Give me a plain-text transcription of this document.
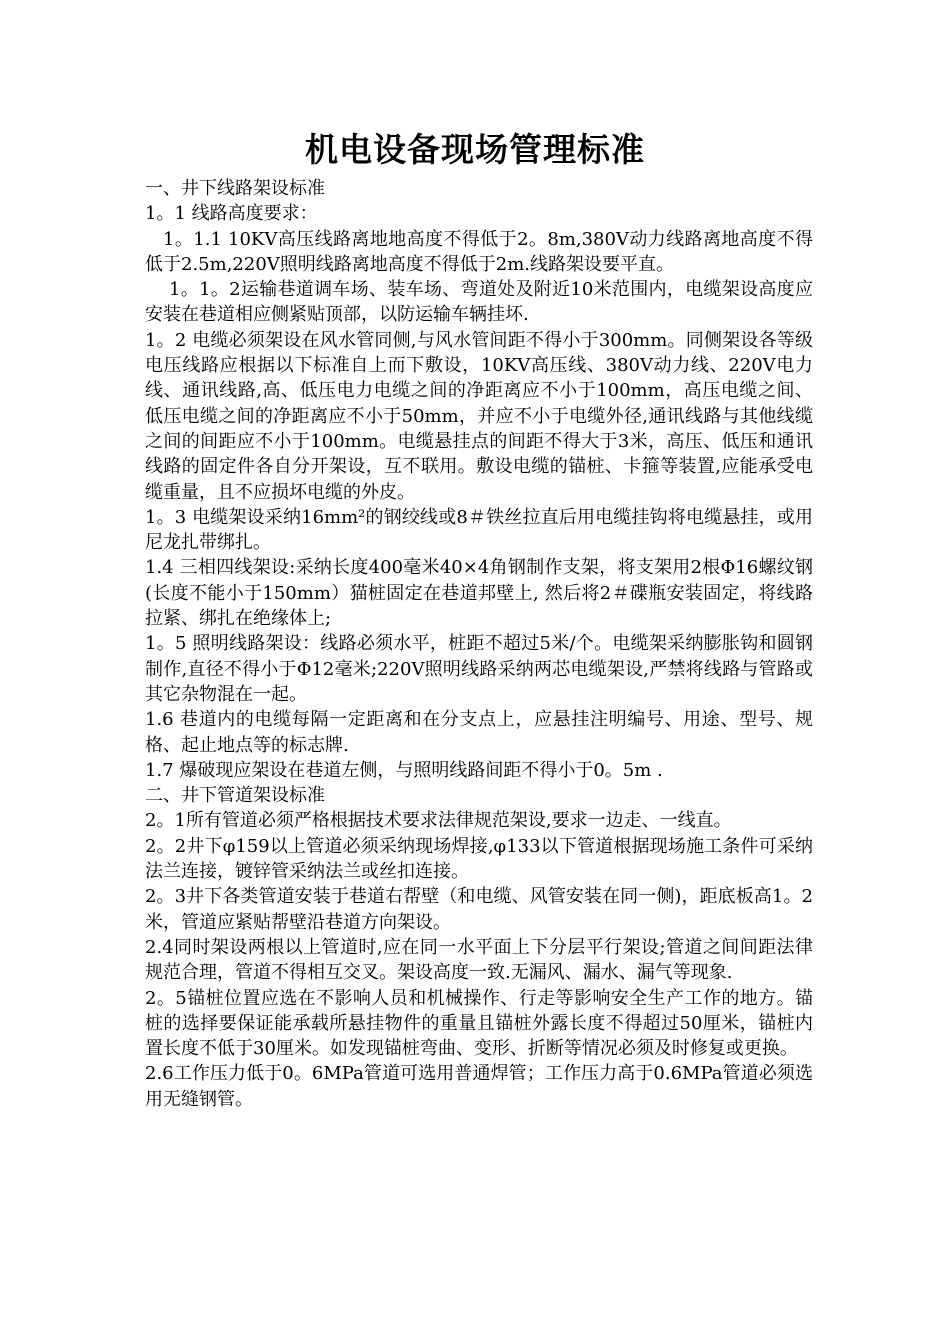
机电设备现场管理标准

一、井下线路架设标准

1。1 线路高度要求：

1。1.1 10KV高压线路离地地高度不得低于2。8m,380V动力线路离地高度不得低于2.5m,220V照明线路离地高度不得低于2m.线路架设要平直。

1。1。2运输巷道调车场、装车场、弯道处及附近10米范围内，电缆架设高度应安装在巷道相应侧紧贴顶部，以防运输车辆挂坏.

1。2 电缆必须架设在风水管同侧,与风水管间距不得小于300mm。同侧架设各等级电压线路应根据以下标准自上而下敷设，10KV高压线、380V动力线、220V电力线、通讯线路,高、低压电力电缆之间的净距离应不小于100mm，高压电缆之间、低压电缆之间的净距离应不小于50mm，并应不小于电缆外径,通讯线路与其他线缆之间的间距应不小于100mm。电缆悬挂点的间距不得大于3米，高压、低压和通讯线路的固定件各自分开架设，互不联用。敷设电缆的锚桩、卡箍等装置,应能承受电缆重量，且不应损坏电缆的外皮。

1。3 电缆架设采纳16mm²的钢绞线或8＃铁丝拉直后用电缆挂钩将电缆悬挂，或用尼龙扎带绑扎。

1.4 三相四线架设:采纳长度400毫米40×4角钢制作支架，将支架用2根Φ16螺纹钢(长度不能小于150mm）猫桩固定在巷道邦壁上, 然后将2＃碟瓶安装固定，将线路拉紧、绑扎在绝缘体上;

1。5 照明线路架设：线路必须水平，桩距不超过5米/个。电缆架采纳膨胀钩和圆钢制作,直径不得小于Φ12毫米;220V照明线路采纳两芯电缆架设,严禁将线路与管路或其它杂物混在一起。

1.6 巷道内的电缆每隔一定距离和在分支点上，应悬挂注明编号、用途、型号、规格、起止地点等的标志牌.

1.7 爆破现应架设在巷道左侧，与照明线路间距不得小于0。5m .

二、井下管道架设标准

2。1所有管道必须严格根据技术要求法律规范架设,要求一边走、一线直。

2。2井下φ159以上管道必须采纳现场焊接,φ133以下管道根据现场施工条件可采纳法兰连接，镀锌管采纳法兰或丝扣连接。

2。3井下各类管道安装于巷道右帮壁（和电缆、风管安装在同一侧)，距底板高1。2米，管道应紧贴帮壁沿巷道方向架设。

2.4同时架设两根以上管道时,应在同一水平面上下分层平行架设;管道之间间距法律规范合理，管道不得相互交叉。架设高度一致.无漏风、漏水、漏气等现象.

2。5锚桩位置应选在不影响人员和机械操作、行走等影响安全生产工作的地方。锚桩的选择要保证能承载所悬挂物件的重量且锚桩外露长度不得超过50厘米，锚桩内置长度不低于30厘米。如发现锚桩弯曲、变形、折断等情况必须及时修复或更换。

2.6工作压力低于0。6MPa管道可选用普通焊管；工作压力高于0.6MPa管道必须选用无缝钢管。
